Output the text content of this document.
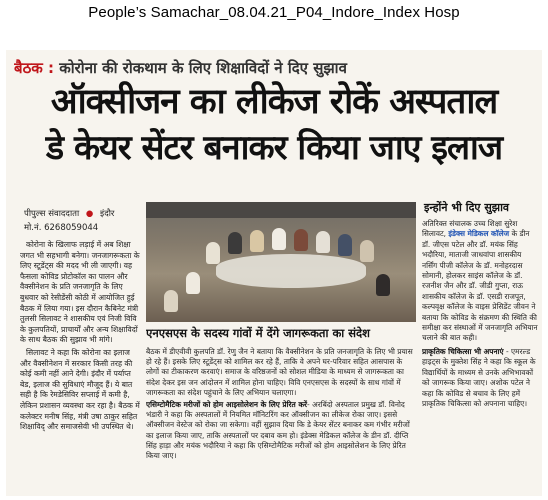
People’s Samachar_08.04.21_P04_Indore_Index Hosp
बैठक : कोरोना की रोकथाम के लिए शिक्षाविदों ने दिए सुझाव
ऑक्सीजन का लीकेज रोकें अस्पताल
डे केयर सेंटर बनाकर किया जाए इलाज
पीपुल्स संवाददाता ● इंदौर
मो.नं. 6268059044

कोरोना के खिलाफ लड़ाई में अब शिक्षा जगत भी सहभागी बनेगा। जनजागरूकता के लिए स्टूडेंट्स की मदद भी ली जाएगी। वह फैसला कोविड प्रोटोकॉल का पालन और वैक्सीनेशन के प्रति जनजागृति के लिए बुधवार को रेसीडेंसी कोठी में आयोजित हुई बैठक में लिया गया। इस दौरान कैबिनेट मंत्री तुलसी सिलावट ने शासकीय एवं निजी विवि के कुलपतियों, प्राचार्यों और अन्य शिक्षाविदों के साथ बैठक की सुझाव भी मांगे।

सिलावट ने कहा कि कोरोना का इलाज और वैक्सीनेशन में सरकार किसी तरह की कोई कमी नहीं आने देगी। इंदौर में पर्याप्त बेड, इलाज की सुविधाएं मौजूद हैं। ये बात सही है कि रेमडेसिविर सप्लाई में कमी है, लेकिन प्रशासन व्यवस्था कर रहा है। बैठक में कलेक्टर मनीष सिंह, मंत्री उषा ठाकुर सहित शिक्षाविद् और समाजसेवी भी उपस्थित थे।

एनएसएस के सदस्य गांवों में देंगे जागरूकता का संदेश

बैठक में डीएवीवी कुलपति डॉ. रेणु जैन ने बताया कि वैक्सीनेशन के प्रति जनजागृति के लिए भी प्रयास हो रहे हैं। इसके लिए स्टूडेंट्स को शामिल कर रहे हैं, ताकि वे अपने घर-परिवार सहित आसपास के लोगों का टीकाकरण करवाएं। समाज के वरिष्ठजनों को सोशल मीडिया के माध्यम से जागरूकता का संदेश देकर इस जन आंदोलन में शामिल होना चाहिए। विवि एनएसएस के सदस्यों के साथ गांवों में जागरूकता का संदेश पहुंचाने के लिए अभियान चलाएगा।

एसिम्टोमैटिक मरीजों को होम आइसोलेशन के लिए प्रेरित करें- अरबिंदो अस्पताल प्रमुख डॉ. विनोद भंडारी ने कहा कि अस्पतालों में नियमित मॉनिटरिंग कर ऑक्सीजन का लीकेज रोका जाए। इससे ऑक्सीजन वेस्टेज को रोका जा सकेगा। वहीं सुझाव दिया कि डे केयर सेंटर बनाकर कम गंभीर मरीजों का इलाज किया जाए, ताकि अस्पतालों पर दबाव कम हो। इंडेक्स मेडिकल कॉलेज के डीन डॉ. दीप्ति सिंह हाड़ा और मयंक भदौरिया ने कहा कि एसिम्टोमैटिक मरीजों को होम आइसोलेशन के लिए प्रेरित किया जाए।

इन्होंने भी दिए सुझाव

अतिरिक्त संचालक उच्च शिक्षा सुरेश सिलावट, इंडेक्स मेडिकल कॉलेज के डीन डॉ. जीएस पटेल और डॉ. मयंक सिंह भदौरिया, माताजी जाधवांपा शासकीय नर्सिंग पीजी कॉलेज के डॉ. मनोहरदास सोमानी, होलकर साइंस कॉलेज के डॉ. रजनीश जैन और डॉ. जीडी गुप्ता, राऊ शासकीय कॉलेज के डॉ. एसडी राजपूत, कल्पवृक्ष कॉलेज के वाइस प्रेसिडेंट जीवन ने बताया कि कोविड के संक्रमण की स्थिति की समीक्षा कर संस्थाओं में जनजागृति अभियान चलाने की बात कही।

प्राकृतिक चिकित्सा भी अपनाएं - एमरल्ड हाइट्स के मुक्तेश सिंह ने कहा कि स्कूल के विद्यार्थियों के माध्यम से उनके अभिभावकों को जागरूक किया जाए। अशोक पटेल ने कहा कि कोविड से बचाव के लिए हमें प्राकृतिक चिकित्सा को अपनाना चाहिए।
